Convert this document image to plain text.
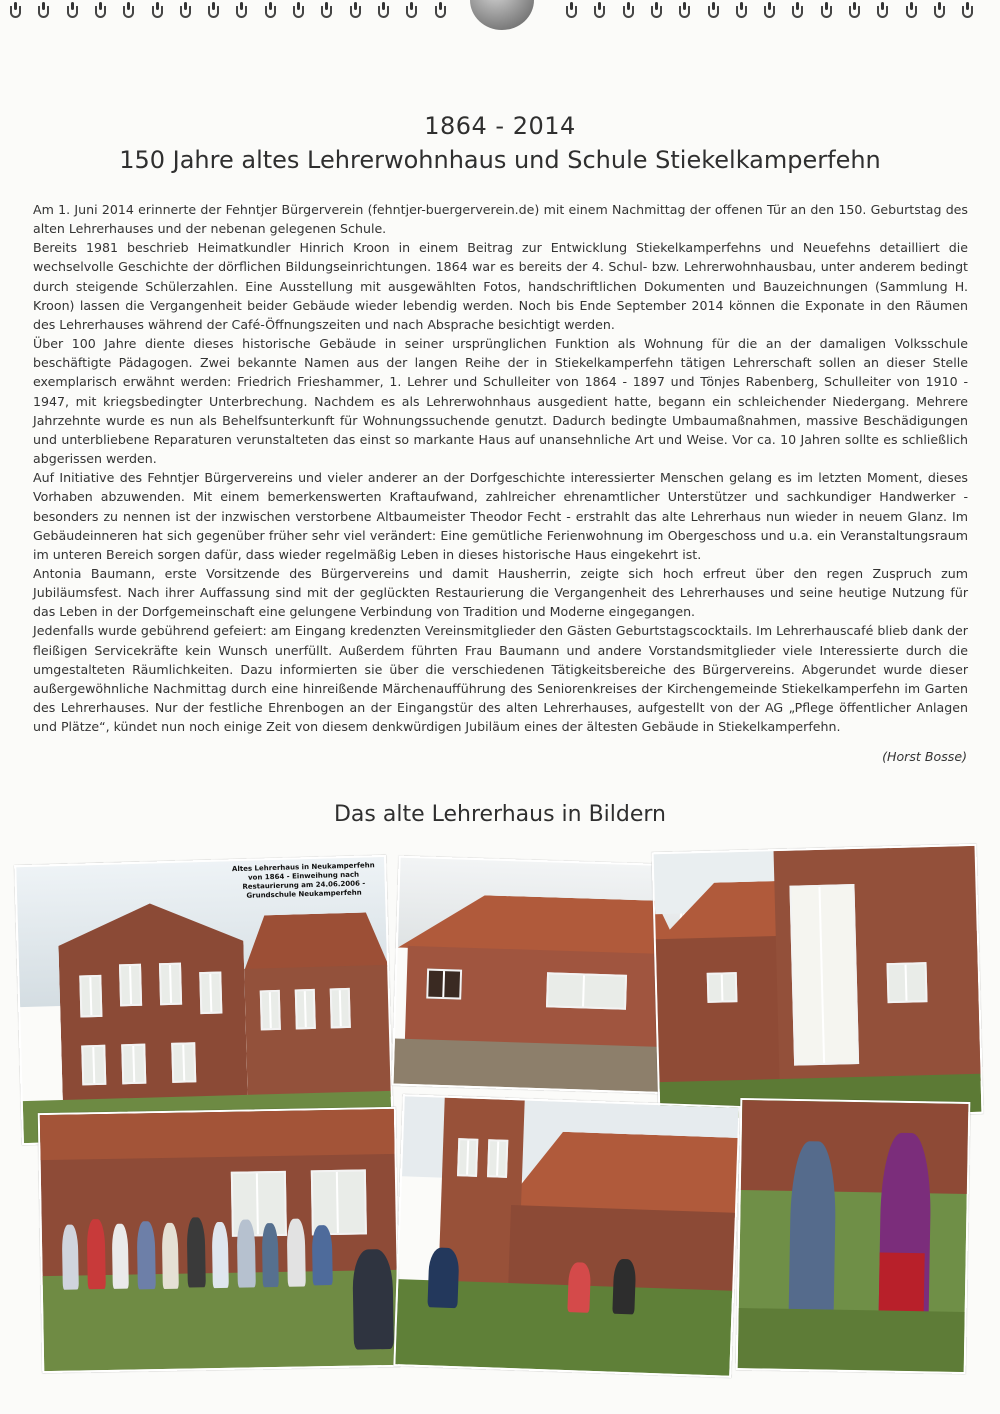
1864 - 2014
150 Jahre altes Lehrerwohnhaus und Schule Stiekelkamperfehn

Am 1. Juni 2014 erinnerte der Fehntjer Bürgerverein (fehntjer-buergerverein.de) mit einem Nachmittag der offenen Tür an den 150. Geburtstag des alten Lehrerhauses und der nebenan gelegenen Schule.

Bereits 1981 beschrieb Heimatkundler Hinrich Kroon in einem Beitrag zur Entwicklung Stiekelkamperfehns und Neuefehns detailliert die wechselvolle Geschichte der dörflichen Bildungseinrichtungen. 1864 war es bereits der 4. Schul- bzw. Lehrerwohnhausbau, unter anderem bedingt durch steigende Schülerzahlen. Eine Ausstellung mit ausgewählten Fotos, handschriftlichen Dokumenten und Bauzeichnungen (Sammlung H. Kroon) lassen die Vergangenheit beider Gebäude wieder lebendig werden. Noch bis Ende September 2014 können die Exponate in den Räumen des Lehrerhauses während der Café-Öffnungszeiten und nach Absprache besichtigt werden.

Über 100 Jahre diente dieses historische Gebäude in seiner ursprünglichen Funktion als Wohnung für die an der damaligen Volksschule beschäftigte Pädagogen. Zwei bekannte Namen aus der langen Reihe der in Stiekelkamperfehn tätigen Lehrerschaft sollen an dieser Stelle exemplarisch erwähnt werden: Friedrich Frieshammer, 1. Lehrer und Schulleiter von 1864 - 1897 und Tönjes Rabenberg, Schulleiter von 1910 - 1947, mit kriegsbedingter Unterbrechung. Nachdem es als Lehrerwohnhaus ausgedient hatte, begann ein schleichender Niedergang. Mehrere Jahrzehnte wurde es nun als Behelfsunterkunft für Wohnungssuchende genutzt. Dadurch bedingte Umbaumaßnahmen, massive Beschädigungen und unterbliebene Reparaturen verunstalteten das einst so markante Haus auf unansehnliche Art und Weise. Vor ca. 10 Jahren sollte es schließlich abgerissen werden.

Auf Initiative des Fehntjer Bürgervereins und vieler anderer an der Dorfgeschichte interessierter Menschen gelang es im letzten Moment, dieses Vorhaben abzuwenden. Mit einem bemerkenswerten Kraftaufwand, zahlreicher ehrenamtlicher Unterstützer und sachkundiger Handwerker - besonders zu nennen ist der inzwischen verstorbene Altbaumeister Theodor Fecht - erstrahlt das alte Lehrerhaus nun wieder in neuem Glanz. Im Gebäudeinneren hat sich gegenüber früher sehr viel verändert: Eine gemütliche Ferienwohnung im Obergeschoss und u.a. ein Veranstaltungsraum im unteren Bereich sorgen dafür, dass wieder regelmäßig Leben in dieses historische Haus eingekehrt ist.

Antonia Baumann, erste Vorsitzende des Bürgervereins und damit Hausherrin, zeigte sich hoch erfreut über den regen Zuspruch zum Jubiläumsfest. Nach ihrer Auffassung sind mit der geglückten Restaurierung die Vergangenheit des Lehrerhauses und seine heutige Nutzung für das Leben in der Dorfgemeinschaft eine gelungene Verbindung von Tradition und Moderne eingegangen.

Jedenfalls wurde gebührend gefeiert: am Eingang kredenzten Vereinsmitglieder den Gästen Geburtstagscocktails. Im Lehrerhauscafé blieb dank der fleißigen Servicekräfte kein Wunsch unerfüllt. Außerdem führten Frau Baumann und andere Vorstandsmitglieder viele Interessierte durch die umgestalteten Räumlichkeiten. Dazu informierten sie über die verschiedenen Tätigkeitsbereiche des Bürgervereins. Abgerundet wurde dieser außergewöhnliche Nachmittag durch eine hinreißende Märchenaufführung des Seniorenkreises der Kirchengemeinde Stiekelkamperfehn im Garten des Lehrerhauses. Nur der festliche Ehrenbogen an der Eingangstür des alten Lehrerhauses, aufgestellt von der AG „Pflege öffentlicher Anlagen und Plätze“, kündet nun noch einige Zeit von diesem denkwürdigen Jubiläum eines der ältesten Gebäude in Stiekelkamperfehn.

(Horst Bosse)
Das alte Lehrerhaus in Bildern
Altes Lehrerhaus in Neukamperfehn von 1864 - Einweihung nach Restaurierung am 24.06.2006 - Grundschule Neukamperfehn
